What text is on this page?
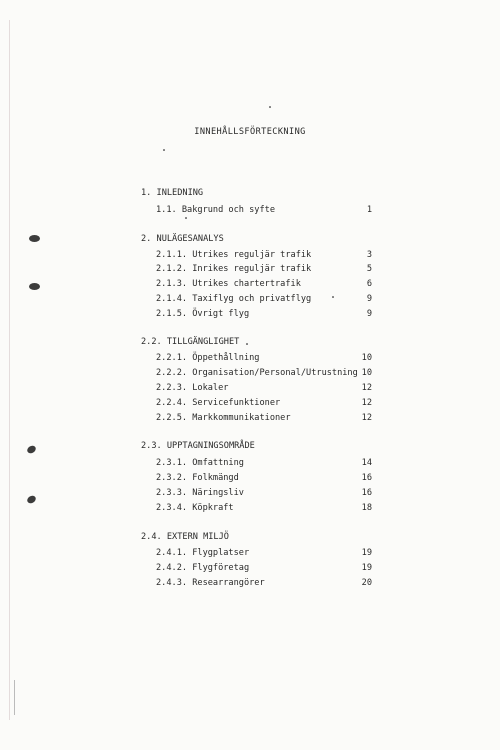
INNEHÅLLSFÖRTECKNING
1. INLEDNING
1.1. Bakgrund och syfte	1
2. NULÄGESANALYS
2.1.1. Utrikes reguljär trafik	3
2.1.2. Inrikes reguljär trafik	5
2.1.3. Utrikes chartertrafik	6
2.1.4. Taxiflyg och privatflyg	9
2.1.5. Övrigt flyg	9
2.2. TILLGÄNGLIGHET
2.2.1. Öppethållning	10
2.2.2. Organisation/Personal/Utrustning 10
2.2.3. Lokaler	12
2.2.4. Servicefunktioner	12
2.2.5. Markkommunikationer	12
2.3. UPPTAGNINGSOMRÅDE
2.3.1. Omfattning	14
2.3.2. Folkmängd	16
2.3.3. Näringsliv	16
2.3.4. Köpkraft	18
2.4. EXTERN MILJÖ
2.4.1. Flygplatser	19
2.4.2. Flygföretag	19
2.4.3. Researrangörer	20
